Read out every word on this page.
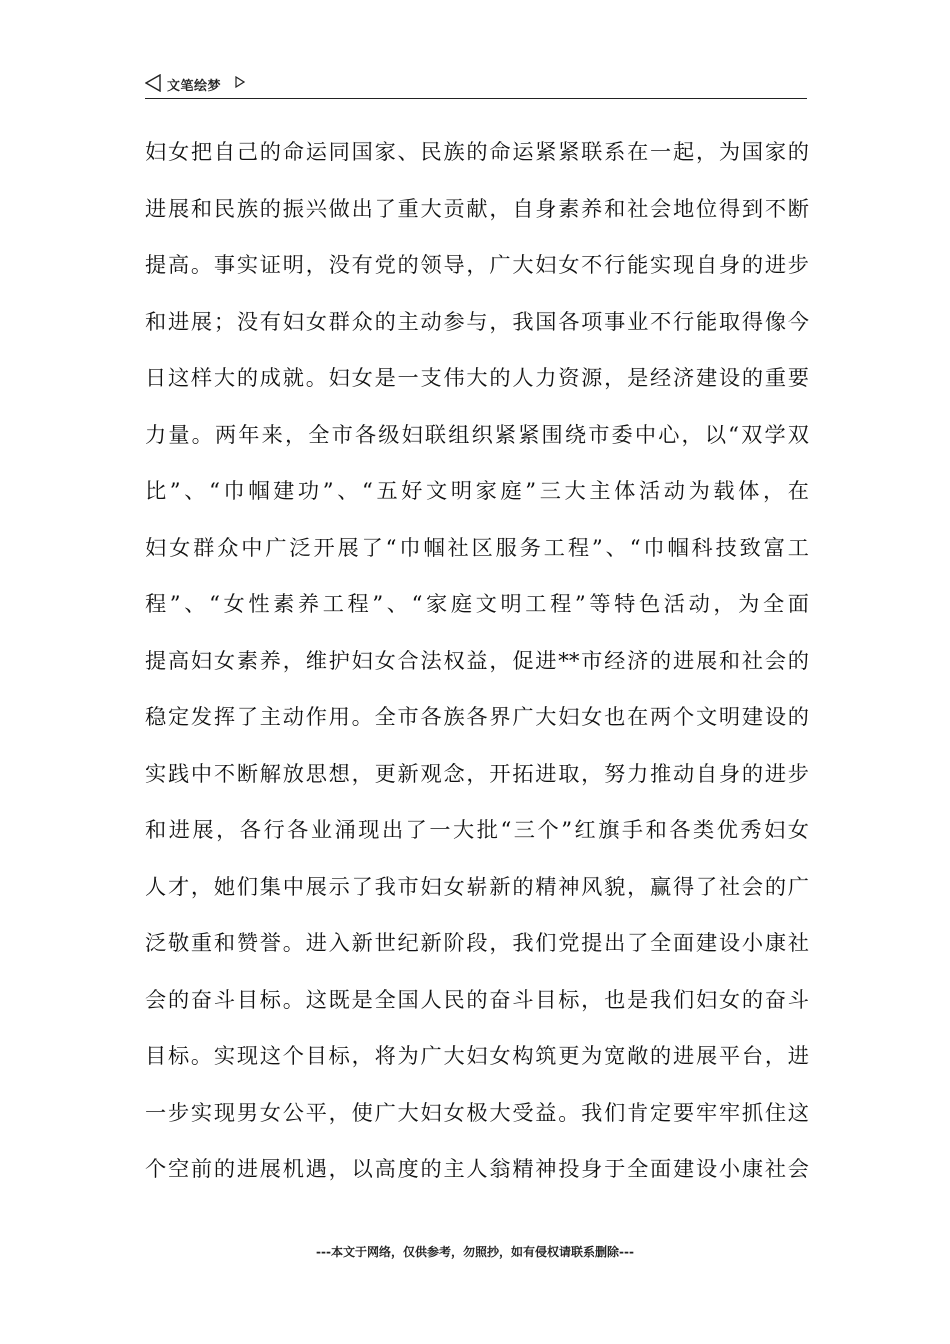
文笔绘梦
妇女把自己的命运同国家、民族的命运紧紧联系在一起，为国家的
进展和民族的振兴做出了重大贡献，自身素养和社会地位得到不断
提高。事实证明，没有党的领导，广大妇女不行能实现自身的进步
和进展；没有妇女群众的主动参与，我国各项事业不行能取得像今
日这样大的成就。妇女是一支伟大的人力资源，是经济建设的重要
力量。两年来，全市各级妇联组织紧紧围绕市委中心，以“双学双
比”、“巾帼建功”、“五好文明家庭”三大主体活动为载体，在
妇女群众中广泛开展了“巾帼社区服务工程”、“巾帼科技致富工
程”、“女性素养工程”、“家庭文明工程”等特色活动，为全面
提高妇女素养，维护妇女合法权益，促进**市经济的进展和社会的
稳定发挥了主动作用。全市各族各界广大妇女也在两个文明建设的
实践中不断解放思想，更新观念，开拓进取，努力推动自身的进步
和进展，各行各业涌现出了一大批“三个”红旗手和各类优秀妇女
人才，她们集中展示了我市妇女崭新的精神风貌，赢得了社会的广
泛敬重和赞誉。进入新世纪新阶段，我们党提出了全面建设小康社
会的奋斗目标。这既是全国人民的奋斗目标，也是我们妇女的奋斗
目标。实现这个目标，将为广大妇女构筑更为宽敞的进展平台，进
一步实现男女公平，使广大妇女极大受益。我们肯定要牢牢抓住这
个空前的进展机遇，以高度的主人翁精神投身于全面建设小康社会
---本文于网络，仅供参考，勿照抄，如有侵权请联系删除---
